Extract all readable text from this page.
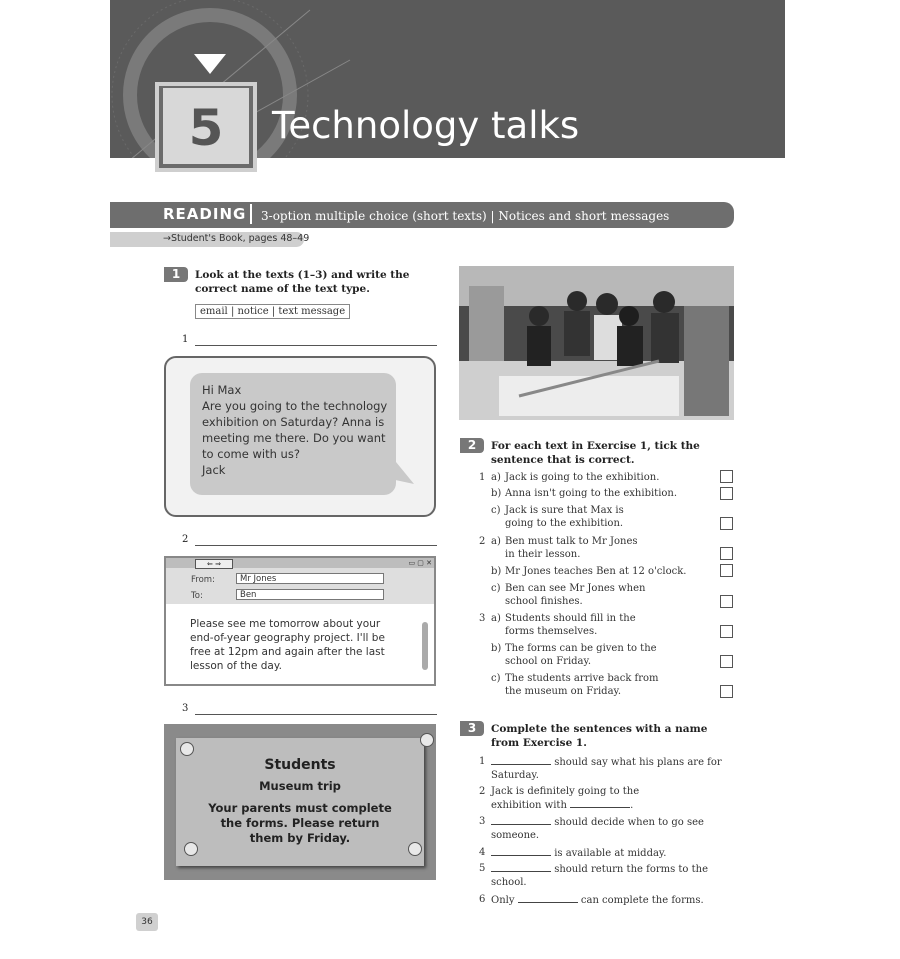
5	Technology talks
READING 3-option multiple choice (short texts) | Notices and short messages
→Student's Book, pages 48–49
1	Look at the texts (1–3) and write the correct name of the text type.
email | notice | text message
1

Hi Max

Are you going to the technology exhibition on Saturday? Anna is meeting me there. Do you want to come with us?

Jack

2
⇐ ⇒	▭ ▢ ✕
From:	Mr Jones
To:	Ben
Please see me tomorrow about your end-of-year geography project. I'll be free at 12pm and again after the last lesson of the day.
3
Students
Museum trip
Your parents must complete the forms. Please return them by Friday.
36
2	For each text in Exercise 1, tick the sentence that is correct.
1 a) Jack is going to the exhibition.
b) Anna isn't going to the exhibition.
c) Jack is sure that Max is going to the exhibition.
2 a) Ben must talk to Mr Jones in their lesson.
b) Mr Jones teaches Ben at 12 o'clock.
c) Ben can see Mr Jones when school finishes.
3 a) Students should fill in the forms themselves.
b) The forms can be given to the school on Friday.
c) The students arrive back from the museum on Friday.
3	Complete the sentences with a name from Exercise 1.
1	should say what his plans are for Saturday.
2 Jack is definitely going to the exhibition with	.
3	should decide when to go see someone.
4	is available at midday.
5	should return the forms to the school.
6 Only	can complete the forms.
